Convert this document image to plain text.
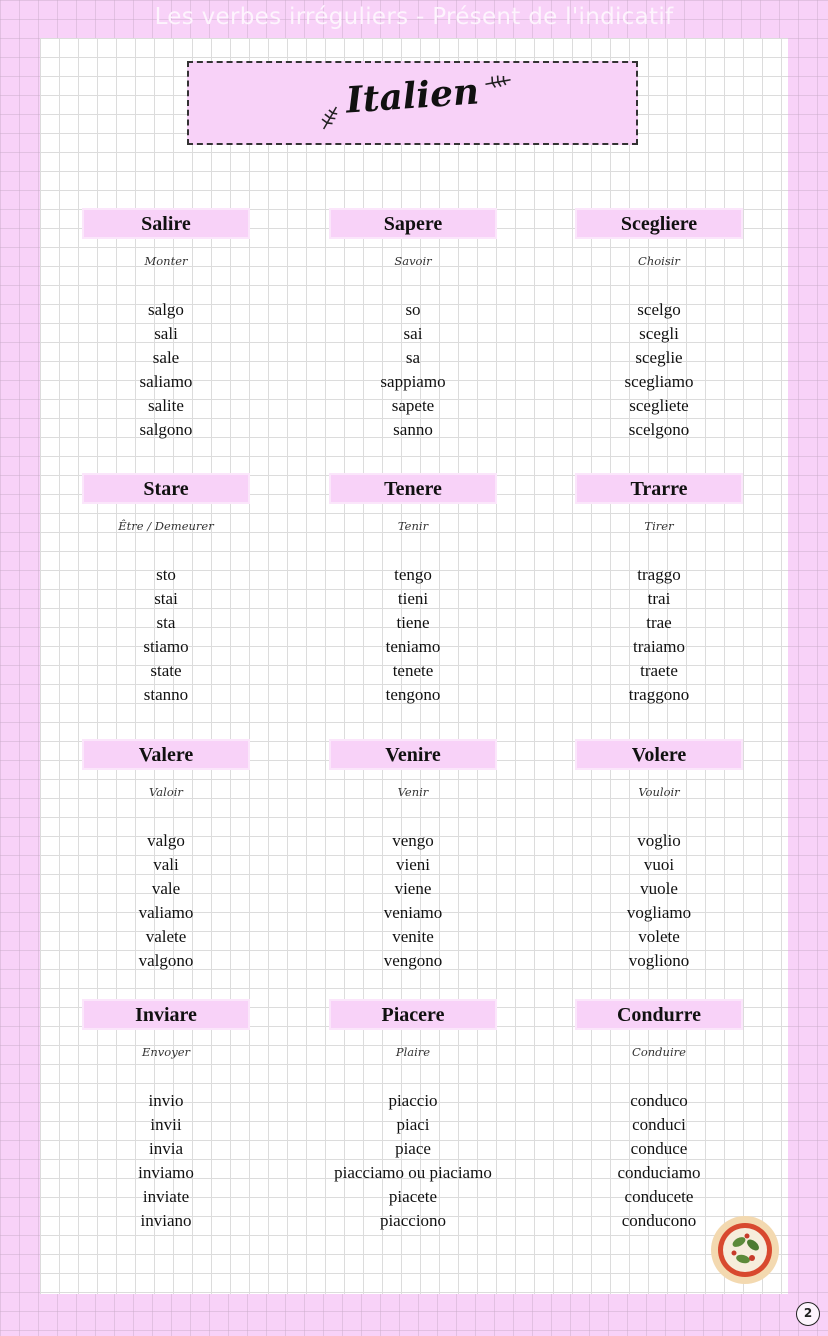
Les verbes irréguliers - Présent de l'indicatif
Italien
Salire
Monter
salgo
sali
sale
saliamo
salite
salgono
Sapere
Savoir
so
sai
sa
sappiamo
sapete
sanno
Scegliere
Choisir
scelgo
scegli
sceglie
scegliamo
scegliete
scelgono
Stare
Être / Demeurer
sto
stai
sta
stiamo
state
stanno
Tenere
Tenir
tengo
tieni
tiene
teniamo
tenete
tengono
Trarre
Tirer
traggo
trai
trae
traiamo
traete
traggono
Valere
Valoir
valgo
vali
vale
valiamo
valete
valgono
Venire
Venir
vengo
vieni
viene
veniamo
venite
vengono
Volere
Vouloir
voglio
vuoi
vuole
vogliamo
volete
vogliono
Inviare
Envoyer
invio
invii
invia
inviamo
inviate
inviano
Piacere
Plaire
piaccio
piaci
piace
piacciamo ou piaciamo
piacete
piacciono
Condurre
Conduire
conduco
conduci
conduce
conduciamo
conducete
conducono
2
